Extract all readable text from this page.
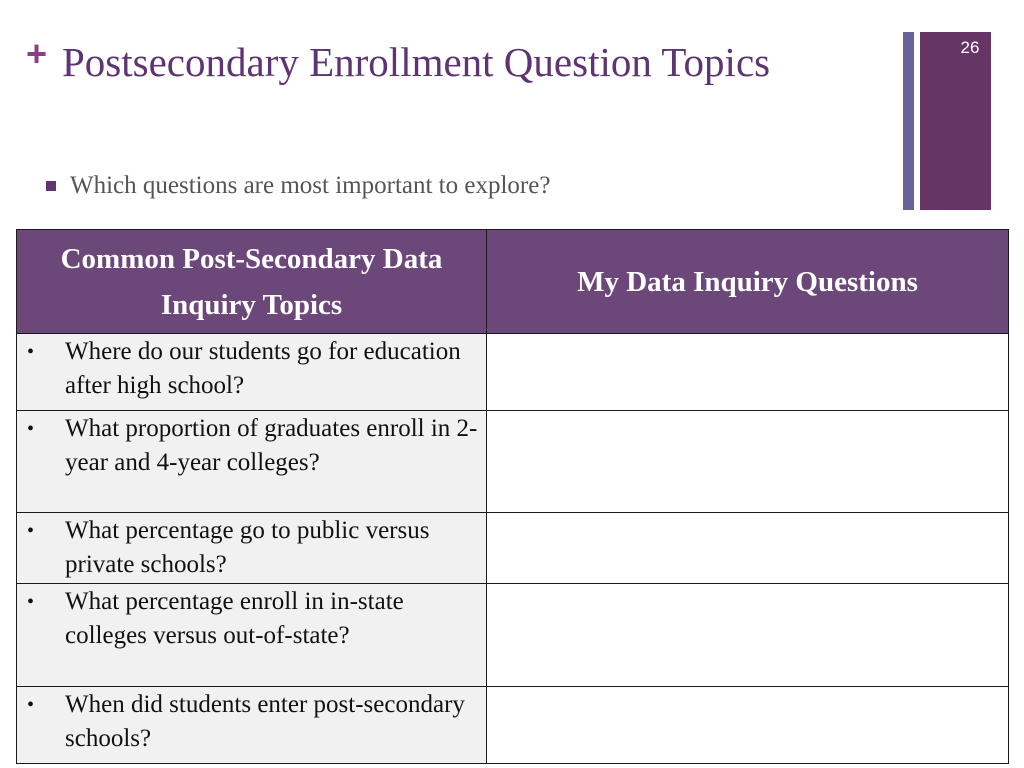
+ Postsecondary Enrollment Question Topics	26
Which questions are most important to explore?
Common Post-Secondary Data Inquiry Topics	My Data Inquiry Questions

• Where do our students go for education after high school?	

• What proportion of graduates enroll in 2-year and 4-year colleges?	

• What percentage go to public versus private schools?	

• What percentage enroll in in-state colleges versus out-of-state?	

• When did students enter post-secondary schools?	
